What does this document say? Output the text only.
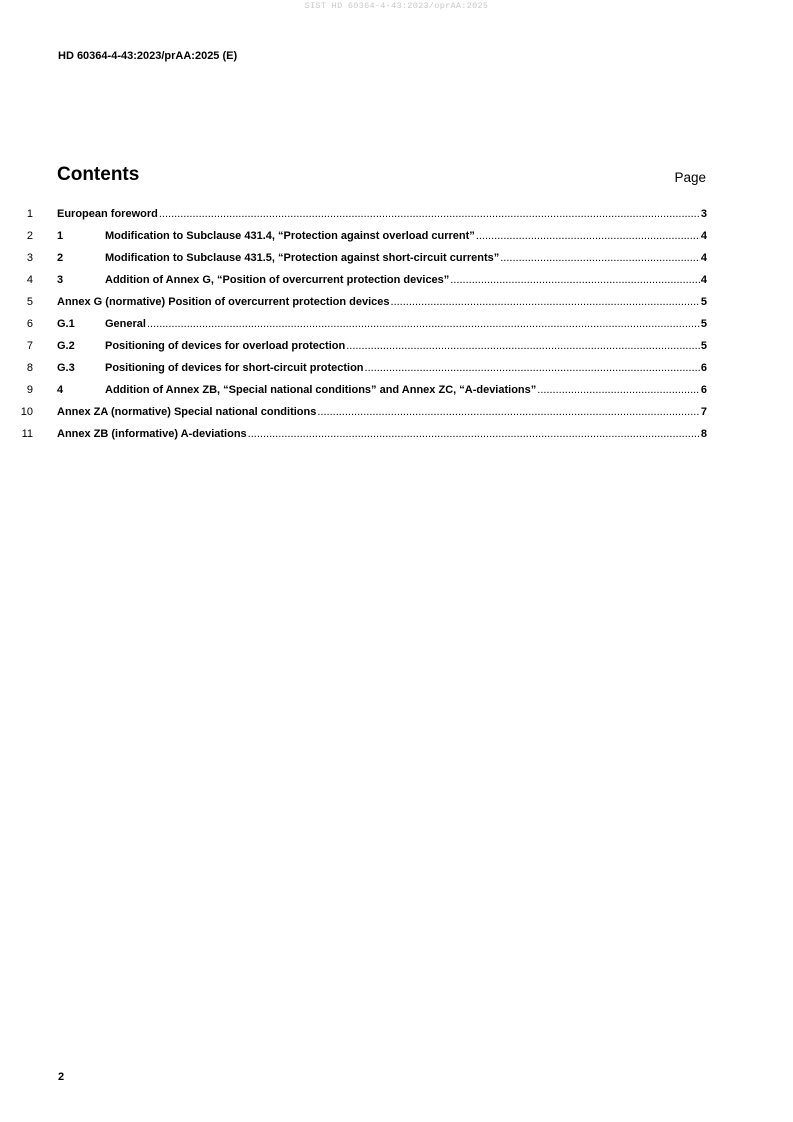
SIST HD 60364-4-43:2023/oprAA:2025
HD 60364-4-43:2023/prAA:2025 (E)
Contents	Page
1 European foreword .....	3
2 1	Modification to Subclause 431.4, “Protection against overload current” .....	4
3 2	Modification to Subclause 431.5, “Protection against short-circuit currents” .....	4
4 3	Addition of Annex G, “Position of overcurrent protection devices” .....	4
5 Annex G (normative) Position of overcurrent protection devices .....	5
6 G.1	General .....	5
7 G.2	Positioning of devices for overload protection .....	5
8 G.3	Positioning of devices for short-circuit protection .....	6
9 4	Addition of Annex ZB, “Special national conditions” and Annex ZC, “A-deviations” .....	6
10 Annex ZA (normative) Special national conditions .....	7
11 Annex ZB (informative) A-deviations .....	8
2
